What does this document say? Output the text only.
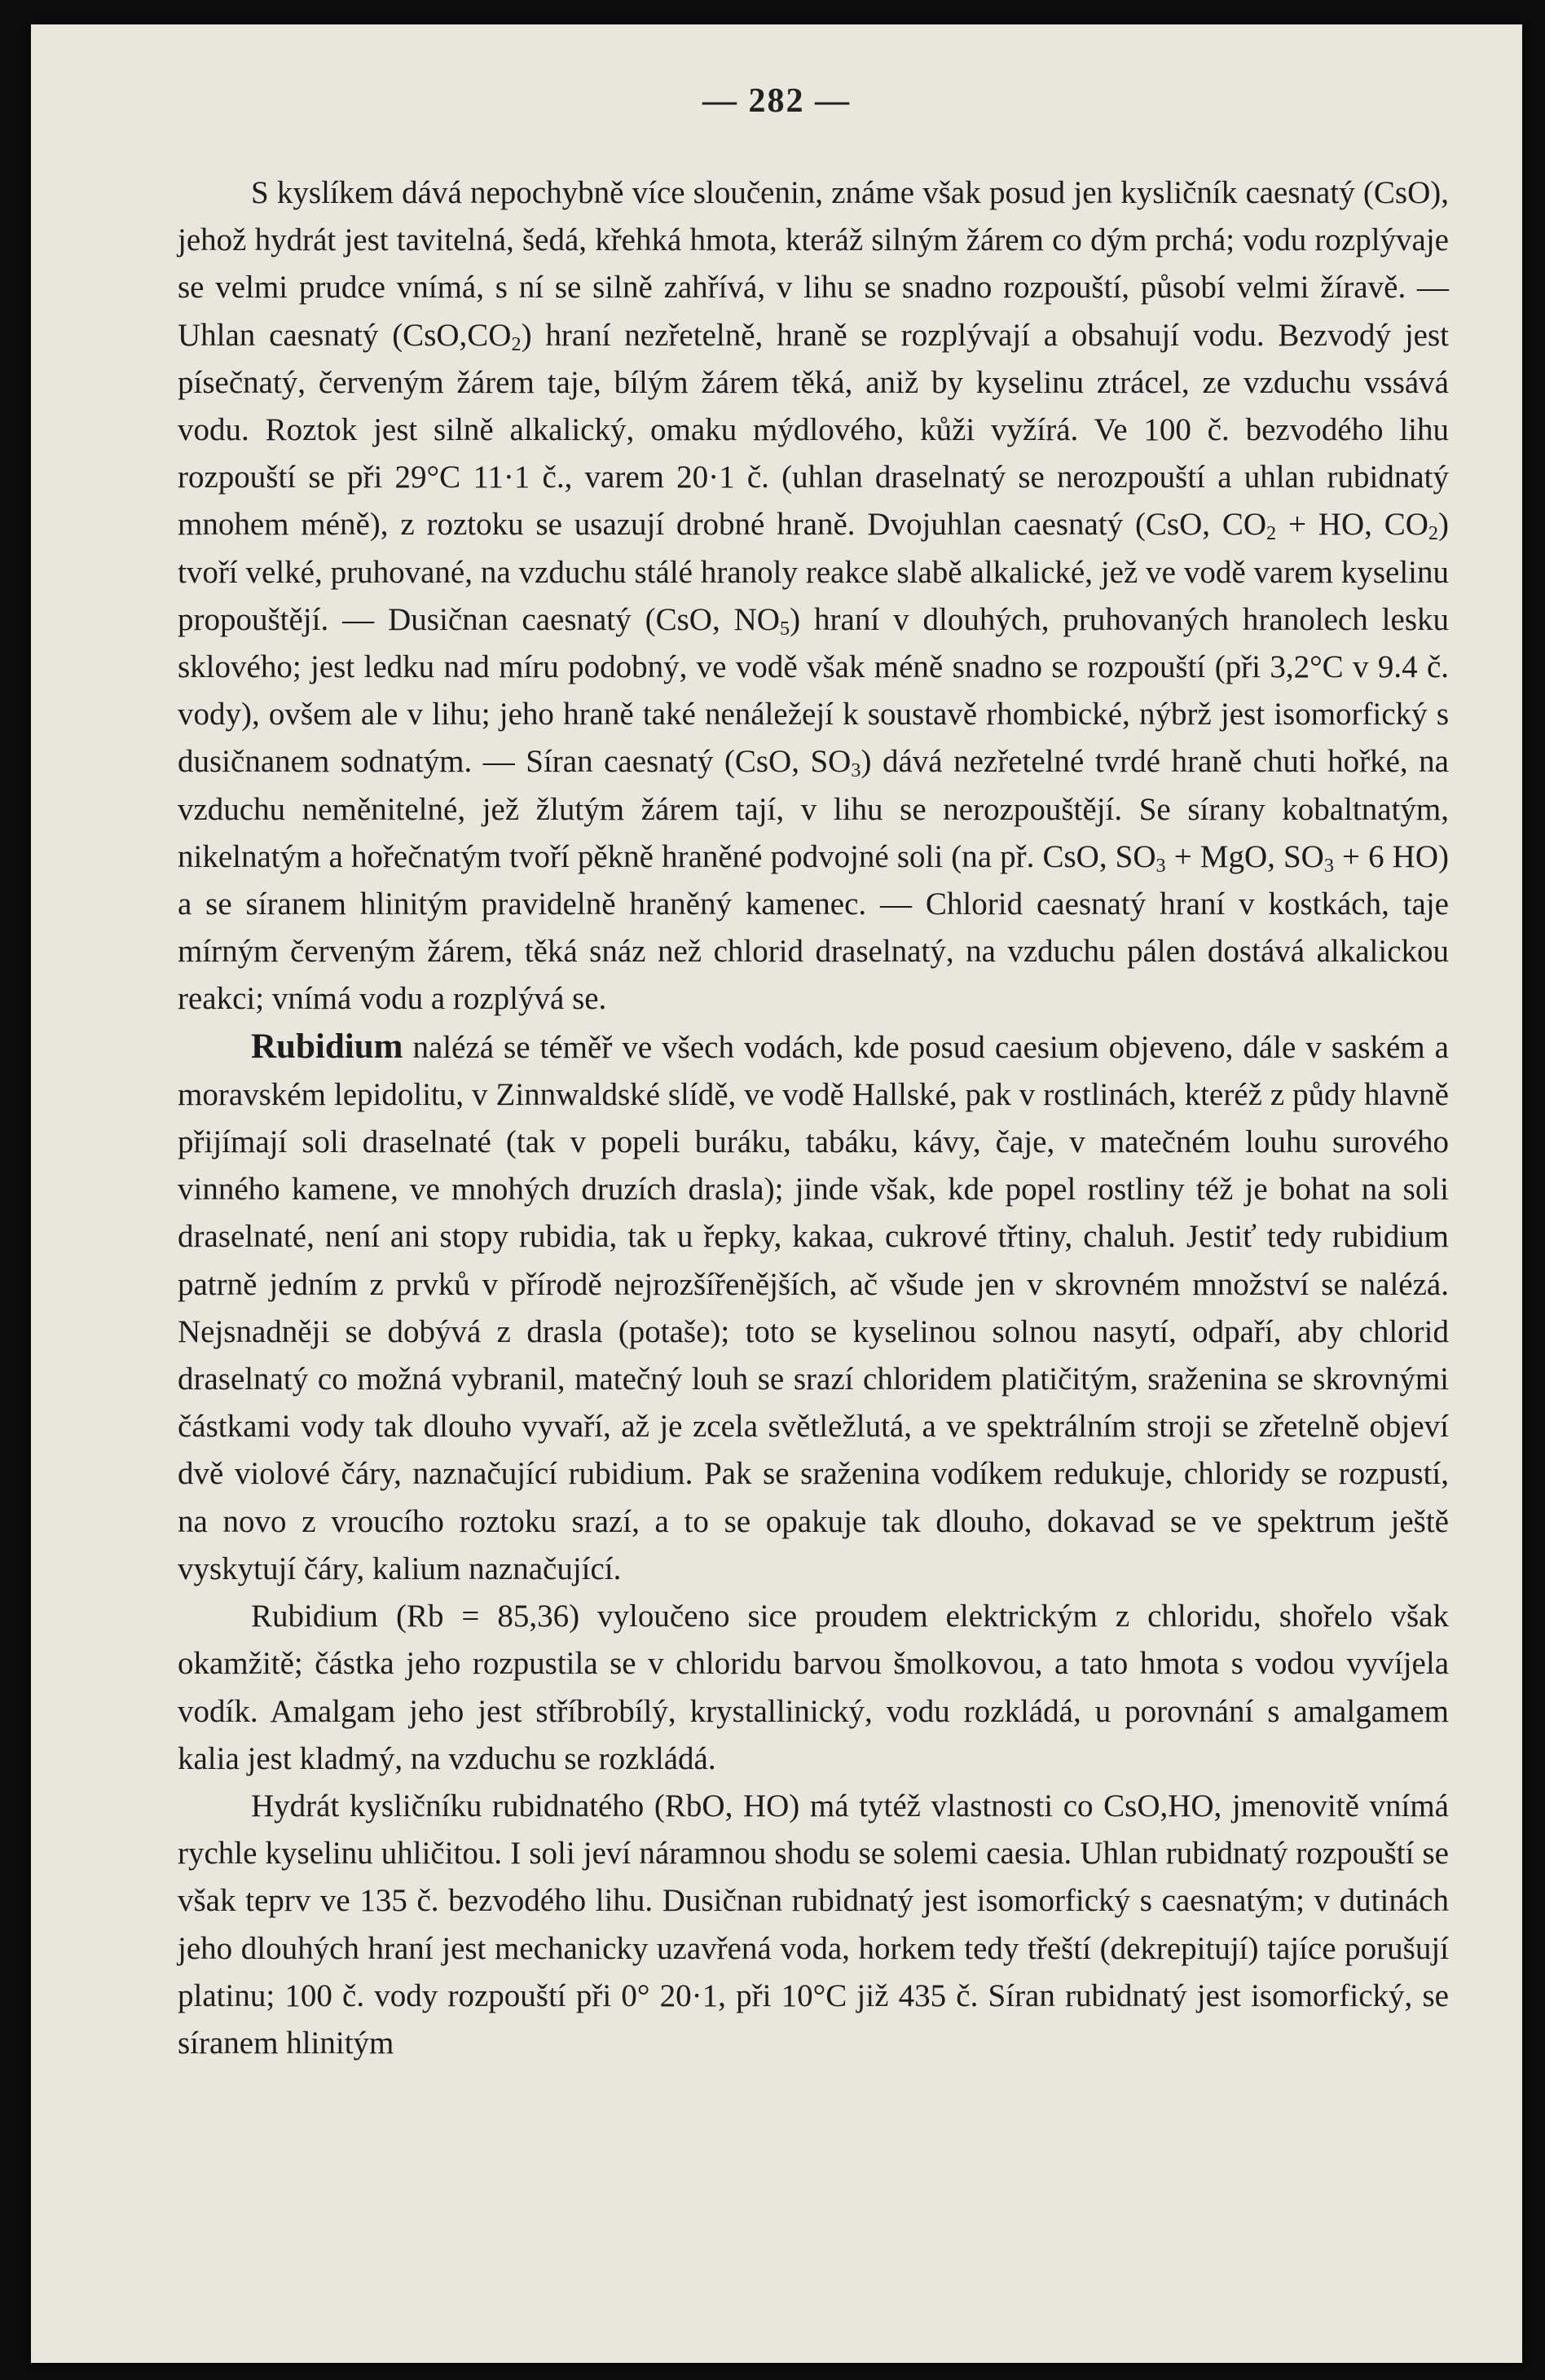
— 282 —

S kyslíkem dává nepochybně více sloučenin, známe však posud jen kysličník caesnatý (CsO), jehož hydrát jest tavitelná, šedá, křehká hmota, kteráž silným žárem co dým prchá; vodu rozplývaje se velmi prudce vnímá, s ní se silně zahřívá, v lihu se snadno rozpouští, působí velmi žíravě. — Uhlan caesnatý $(CsO,CO_2)$ hraní nezřetelně, hraně se rozplývají a obsahují vodu. Bezvodý jest písečnatý, červeným žárem taje, bílým žárem těká, aniž by kyselinu ztrácel, ze vzduchu vssává vodu. Roztok jest silně alkalický, omaku mýdlového, kůži vyžírá. Ve 100 č. bezvodého lihu rozpouští se při 29°C 11·1 č., varem 20·1 č. (uhlan draselnatý se nerozpouští a uhlan rubidnatý mnohem méně), z roztoku se usazují drobné hraně. Dvojuhlan caesnatý (CsO, $CO_2$ + HO, $CO_2$) tvoří velké, pruhované, na vzduchu stálé hranoly reakce slabě alkalické, jež ve vodě varem kyselinu propouštějí. — Dusičnan caesnatý (CsO, $NO_5$) hraní v dlouhých, pruhovaných hranolech lesku sklového; jest ledku nad míru podobný, ve vodě však méně snadno se rozpouští (při 3,2°C v 9.4 č. vody), ovšem ale v lihu; jeho hraně také nenáležejí k soustavě rhombické, nýbrž jest isomorfický s dusičnanem sodnatým. — Síran caesnatý (CsO, $SO_3$) dává nezřetelné tvrdé hraně chuti hořké, na vzduchu neměnitelné, jež žlutým žárem tají, v lihu se nerozpouštějí. Se sírany kobaltnatým, nikelnatým a hořečnatým tvoří pěkně hraněné podvojné soli (na př. CsO, $SO_3$ + MgO, $SO_3 + 6$ HO) a se síranem hlinitým pravidelně hraněný kamenec. — Chlorid caesnatý hraní v kostkách, taje mírným červeným žárem, těká snáz než chlorid draselnatý, na vzduchu pálen dostává alkalickou reakci; vnímá vodu a rozplývá se.

Rubidium nalézá se téměř ve všech vodách, kde posud caesium objeveno, dále v saském a moravském lepidolitu, v Zinnwaldské slídě, ve vodě Hallské, pak v rostlinách, kteréž z půdy hlavně přijímají soli draselnaté (tak v popeli buráku, tabáku, kávy, čaje, v matečném louhu surového vinného kamene, ve mnohých druzích drasla); jinde však, kde popel rostliny též je bohat na soli draselnaté, není ani stopy rubidia, tak u řepky, kakaa, cukrové třtiny, chaluh. Jestiť tedy rubidium patrně jedním z prvků v přírodě nejrozšířenějších, ač všude jen v skrovném množství se nalézá. Nejsnadněji se dobývá z drasla (potaše); toto se kyselinou solnou nasytí, odpaří, aby chlorid draselnatý co možná vybranil, matečný louh se srazí chloridem platičitým, sraženina se skrovnými částkami vody tak dlouho vyvaří, až je zcela světležlutá, a ve spektrálním stroji se zřetelně objeví dvě violové čáry, naznačující rubidium. Pak se sraženina vodíkem redukuje, chloridy se rozpustí, na novo z vroucího roztoku srazí, a to se opakuje tak dlouho, dokavad se ve spektrum ještě vyskytují čáry, kalium naznačující.

Rubidium (Rb = 85,36) vyloučeno sice proudem elektrickým z chloridu, shořelo však okamžitě; částka jeho rozpustila se v chloridu barvou šmolkovou, a tato hmota s vodou vyvíjela vodík. Amalgam jeho jest stříbrobílý, krystallinický, vodu rozkládá, u porovnání s amalgamem kalia jest kladmý, na vzduchu se rozkládá.

Hydrát kysličníku rubidnatého (RbO, HO) má tytéž vlastnosti co CsO,HO, jmenovitě vnímá rychle kyselinu uhličitou. I soli jeví náramnou shodu se solemi caesia. Uhlan rubidnatý rozpouští se však teprv ve 135 č. bezvodého lihu. Dusičnan rubidnatý jest isomorfický s caesnatým; v dutinách jeho dlouhých hraní jest mechanicky uzavřená voda, horkem tedy třeští (dekrepitují) tajíce porušují platinu; 100 č. vody rozpouští při 0° 20·1, při 10°C již 435 č. Síran rubidnatý jest isomorfický, se síranem hlinitým
